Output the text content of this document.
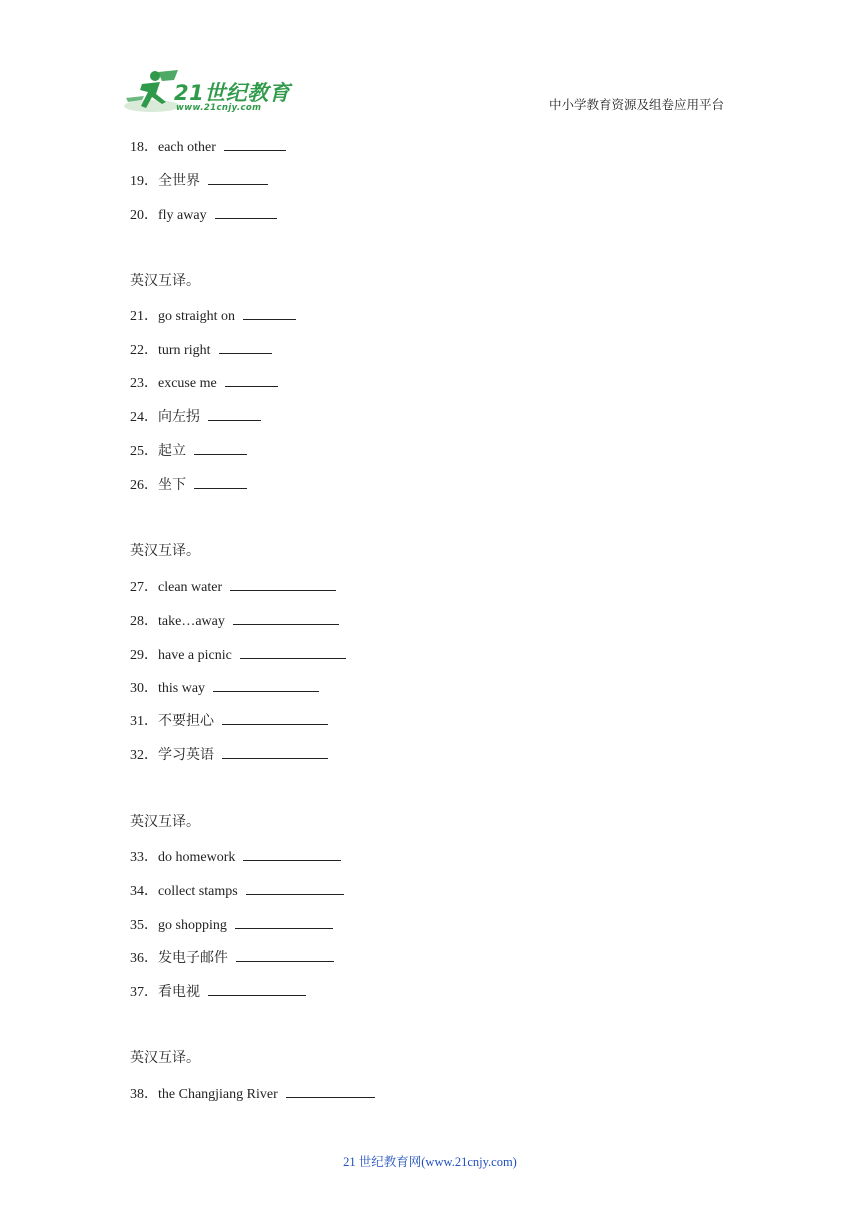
21世纪教育
www.21cnjy.com	中小学教育资源及组卷应用平台
18．each other
19．全世界
20．fly away
英汉互译。
21．go straight on
22．turn right
23．excuse me
24．向左拐
25．起立
26．坐下
英汉互译。
27．clean water
28．take…away
29．have a picnic
30．this way
31．不要担心
32．学习英语
英汉互译。
33．do homework
34．collect stamps
35．go shopping
36．发电子邮件
37．看电视
英汉互译。
38．the Changjiang River
21 世纪教育网(www.21cnjy.com)
